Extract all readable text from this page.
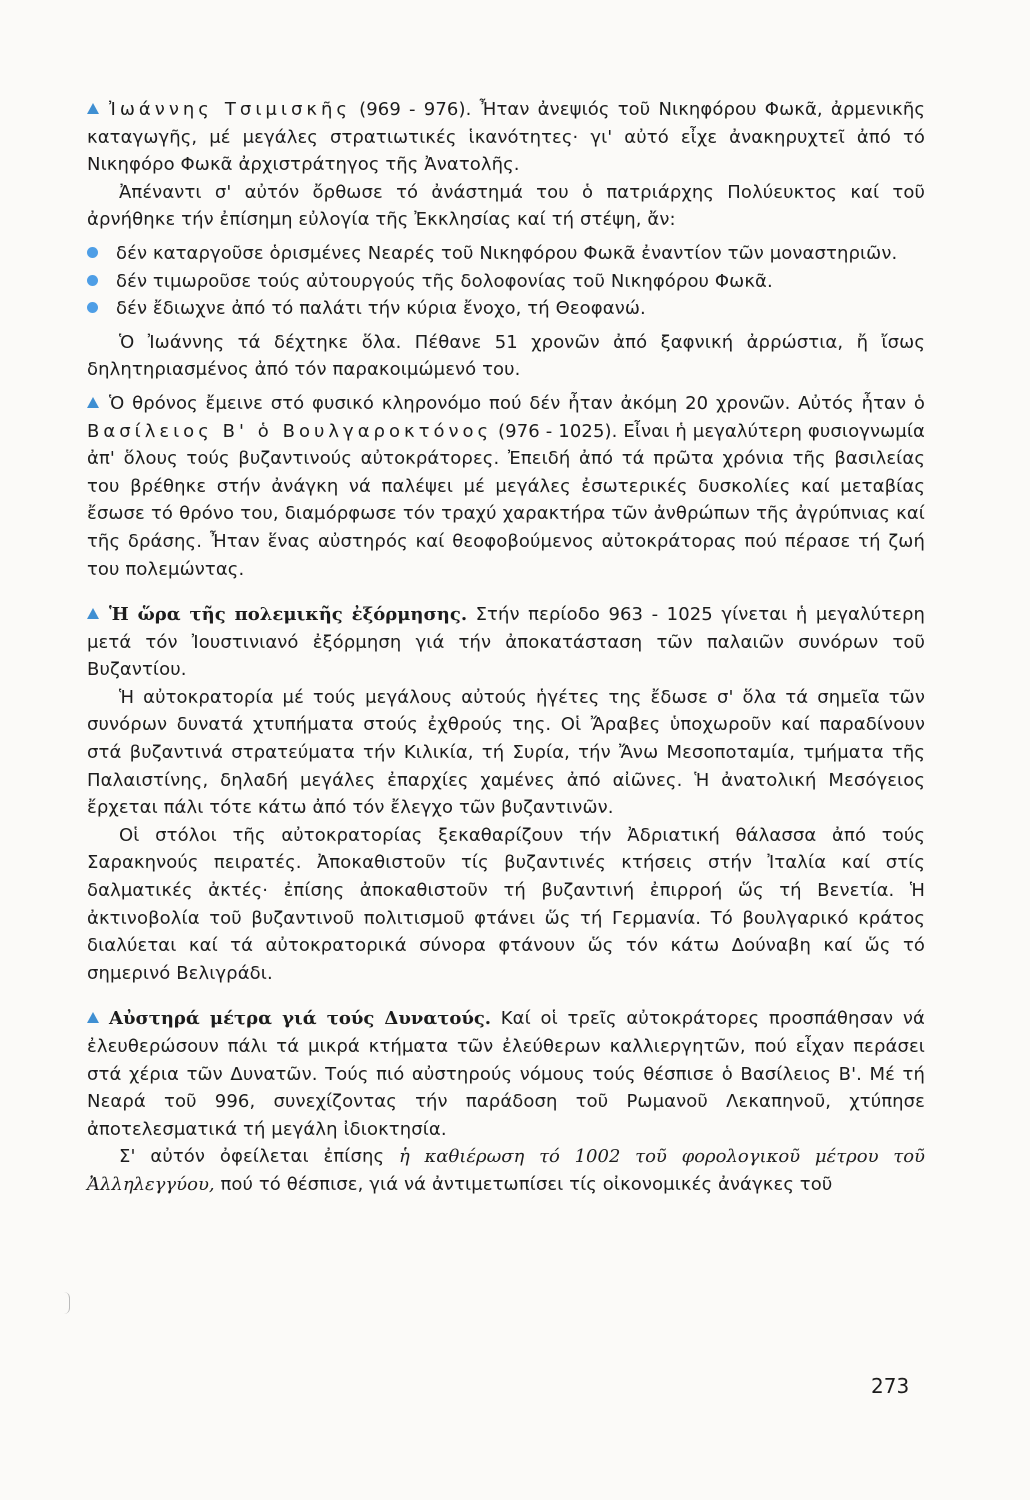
Ἰωάννης Τσιμισκῆς (969 - 976). Ἦταν ἀνεψιός τοῦ Νικηφόρου Φωκᾶ, ἀρμενικῆς καταγωγῆς, μέ μεγάλες στρατιωτικές ἱκανότητες· γι' αὐτό εἶχε ἀνακηρυχτεῖ ἀπό τό Νικηφόρο Φωκᾶ ἀρχιστράτηγος τῆς Ἀνατολῆς.

Ἀπέναντι σ' αὐτόν ὄρθωσε τό ἀνάστημά του ὁ πατριάρχης Πολύευκτος καί τοῦ ἀρνήθηκε τήν ἐπίσημη εὐλογία τῆς Ἐκκλησίας καί τή στέψη, ἄν:

δέν καταργοῦσε ὁρισμένες Νεαρές τοῦ Νικηφόρου Φωκᾶ ἐναντίον τῶν μοναστηριῶν.

δέν τιμωροῦσε τούς αὐτουργούς τῆς δολοφονίας τοῦ Νικηφόρου Φωκᾶ.

δέν ἔδιωχνε ἀπό τό παλάτι τήν κύρια ἔνοχο, τή Θεοφανώ.

Ὁ Ἰωάννης τά δέχτηκε ὅλα. Πέθανε 51 χρονῶν ἀπό ξαφνική ἀρρώστια, ἤ ἴσως δηλητηριασμένος ἀπό τόν παρακοιμώμενό του.

Ὁ θρόνος ἔμεινε στό φυσικό κληρονόμο πού δέν ἦταν ἀκόμη 20 χρονῶν. Αὐτός ἦταν ὁ Βασίλειος Β' ὁ Βουλγαροκτόνος (976 - 1025). Εἶναι ἡ μεγαλύτερη φυσιογνωμία ἀπ' ὅλους τούς βυζαντινούς αὐτοκράτορες. Ἐπειδή ἀπό τά πρῶτα χρόνια τῆς βασιλείας του βρέθηκε στήν ἀνάγκη νά παλέψει μέ μεγάλες ἐσωτερικές δυσκολίες καί μεταβίας ἔσωσε τό θρόνο του, διαμόρφωσε τόν τραχύ χαρακτήρα τῶν ἀνθρώπων τῆς ἀγρύπνιας καί τῆς δράσης. Ἦταν ἕνας αὐστηρός καί θεοφοβούμενος αὐτοκράτορας πού πέρασε τή ζωή του πολεμώντας.

Ἡ ὥρα τῆς πολεμικῆς ἐξόρμησης. Στήν περίοδο 963 - 1025 γίνεται ἡ μεγαλύτερη μετά τόν Ἰουστινιανό ἐξόρμηση γιά τήν ἀποκατάσταση τῶν παλαιῶν συνόρων τοῦ Βυζαντίου.

Ἡ αὐτοκρατορία μέ τούς μεγάλους αὐτούς ἡγέτες της ἔδωσε σ' ὅλα τά σημεῖα τῶν συνόρων δυνατά χτυπήματα στούς ἐχθρούς της. Οἱ Ἄραβες ὑποχωροῦν καί παραδίνουν στά βυζαντινά στρατεύματα τήν Κιλικία, τή Συρία, τήν Ἄνω Μεσοποταμία, τμήματα τῆς Παλαιστίνης, δηλαδή μεγάλες ἐπαρχίες χαμένες ἀπό αἰῶνες. Ἡ ἀνατολική Μεσόγειος ἔρχεται πάλι τότε κάτω ἀπό τόν ἔλεγχο τῶν βυζαντινῶν.

Οἱ στόλοι τῆς αὐτοκρατορίας ξεκαθαρίζουν τήν Ἀδριατική θάλασσα ἀπό τούς Σαρακηνούς πειρατές. Ἀποκαθιστοῦν τίς βυζαντινές κτήσεις στήν Ἰταλία καί στίς δαλματικές ἀκτές· ἐπίσης ἀποκαθιστοῦν τή βυζαντινή ἐπιρροή ὥς τή Βενετία. Ἡ ἀκτινοβολία τοῦ βυζαντινοῦ πολιτισμοῦ φτάνει ὥς τή Γερμανία. Τό βουλγαρικό κράτος διαλύεται καί τά αὐτοκρατορικά σύνορα φτάνουν ὥς τόν κάτω Δούναβη καί ὥς τό σημερινό Βελιγράδι.

Αὐστηρά μέτρα γιά τούς Δυνατούς. Καί οἱ τρεῖς αὐτοκράτορες προσπάθησαν νά ἐλευθερώσουν πάλι τά μικρά κτήματα τῶν ἐλεύθερων καλλιεργητῶν, πού εἶχαν περάσει στά χέρια τῶν Δυνατῶν. Τούς πιό αὐστηρούς νόμους τούς θέσπισε ὁ Βασίλειος Β'. Μέ τή Νεαρά τοῦ 996, συνεχίζοντας τήν παράδοση τοῦ Ρωμανοῦ Λεκαπηνοῦ, χτύπησε ἀποτελεσματικά τή μεγάλη ἰδιοκτησία.

Σ' αὐτόν ὀφείλεται ἐπίσης ἡ καθιέρωση τό 1002 τοῦ φορολογικοῦ μέτρου τοῦ Ἀλληλεγγύου, πού τό θέσπισε, γιά νά ἀντιμετωπίσει τίς οἰκονομικές ἀνάγκες τοῦ

273
